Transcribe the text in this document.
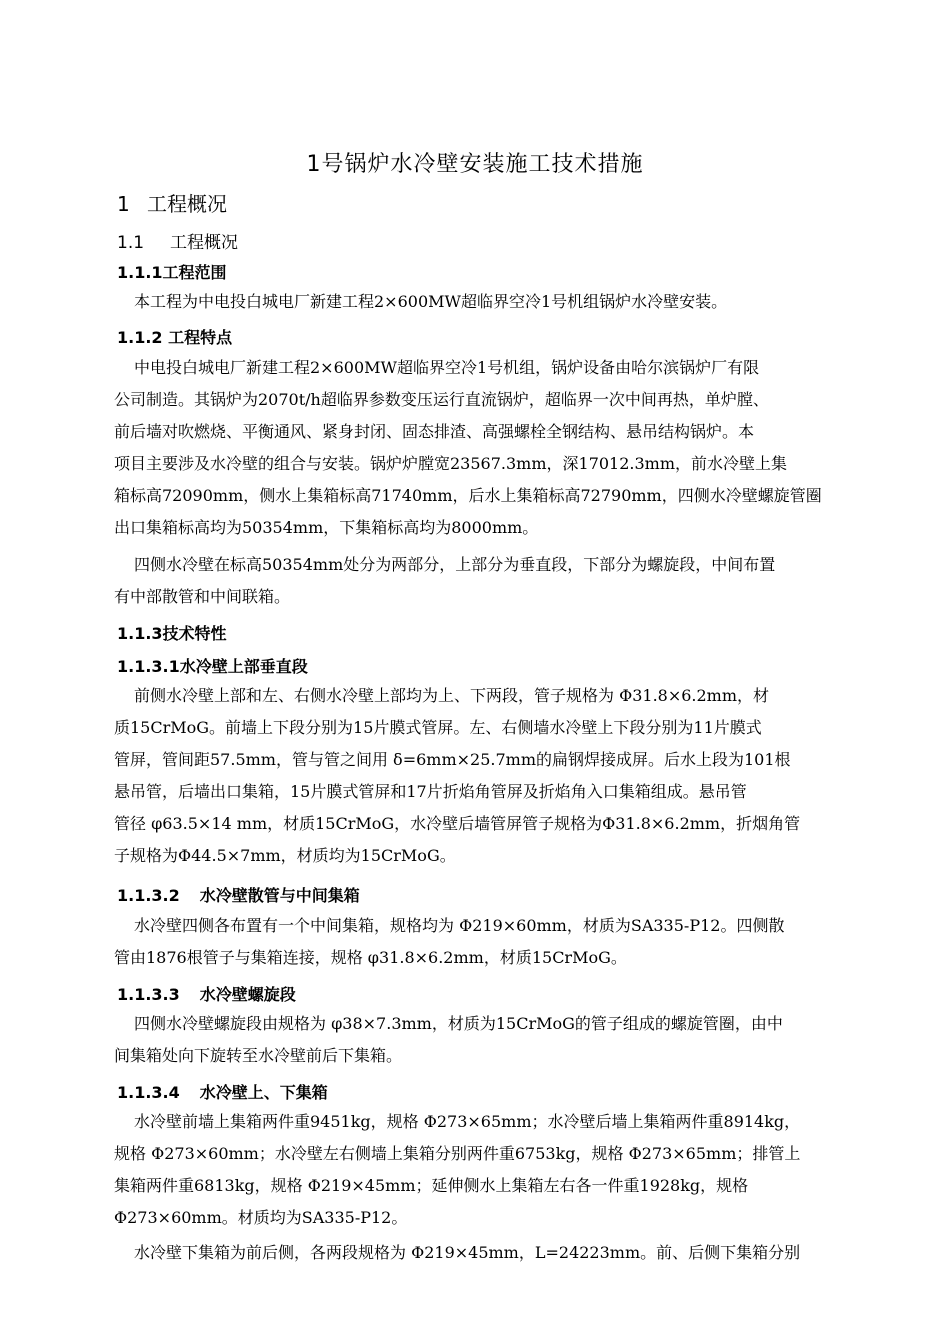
1号锅炉水冷壁安装施工技术措施
1 工程概况
1.1 工程概况
1.1.1工程范围

本工程为中电投白城电厂新建工程2×600MW超临界空冷1号机组锅炉水冷壁安装。

1.1.2 工程特点

中电投白城电厂新建工程2×600MW超临界空冷1号机组，锅炉设备由哈尔滨锅炉厂有限
公司制造。其锅炉为2070t/h超临界参数变压运行直流锅炉，超临界一次中间再热，单炉膛、
前后墙对吹燃烧、平衡通风、紧身封闭、固态排渣、高强螺栓全钢结构、悬吊结构锅炉。本
项目主要涉及水冷壁的组合与安装。锅炉炉膛宽23567.3mm，深17012.3mm，前水冷壁上集
箱标高72090mm，侧水上集箱标高71740mm，后水上集箱标高72790mm，四侧水冷壁螺旋管圈
出口集箱标高均为50354mm，下集箱标高均为8000mm。

四侧水冷壁在标高50354mm处分为两部分，上部分为垂直段，下部分为螺旋段，中间布置
有中部散管和中间联箱。

1.1.3技术特性
1.1.3.1水冷壁上部垂直段

前侧水冷壁上部和左、右侧水冷壁上部均为上、下两段，管子规格为 Φ31.8×6.2mm，材
质15CrMoG。前墙上下段分别为15片膜式管屏。左、右侧墙水冷壁上下段分别为11片膜式
管屏，管间距57.5mm，管与管之间用 δ=6mm×25.7mm的扁钢焊接成屏。后水上段为101根
悬吊管，后墙出口集箱，15片膜式管屏和17片折焰角管屏及折焰角入口集箱组成。悬吊管
管径 φ63.5×14 mm，材质15CrMoG，水冷壁后墙管屏管子规格为Φ31.8×6.2mm，折烟角管
子规格为Φ44.5×7mm，材质均为15CrMoG。

1.1.3.2 水冷壁散管与中间集箱

水冷壁四侧各布置有一个中间集箱，规格均为 Φ219×60mm，材质为SA335-P12。四侧散
管由1876根管子与集箱连接，规格 φ31.8×6.2mm，材质15CrMoG。

1.1.3.3 水冷壁螺旋段

四侧水冷壁螺旋段由规格为 φ38×7.3mm，材质为15CrMoG的管子组成的螺旋管圈，由中
间集箱处向下旋转至水冷壁前后下集箱。

1.1.3.4 水冷壁上、下集箱

水冷壁前墙上集箱两件重9451kg，规格 Φ273×65mm；水冷壁后墙上集箱两件重8914kg，
规格 Φ273×60mm；水冷壁左右侧墙上集箱分别两件重6753kg，规格 Φ273×65mm；排管上
集箱两件重6813kg，规格 Φ219×45mm；延伸侧水上集箱左右各一件重1928kg，规格
Φ273×60mm。材质均为SA335-P12。

水冷壁下集箱为前后侧，各两段规格为 Φ219×45mm，L=24223mm。前、后侧下集箱分别
